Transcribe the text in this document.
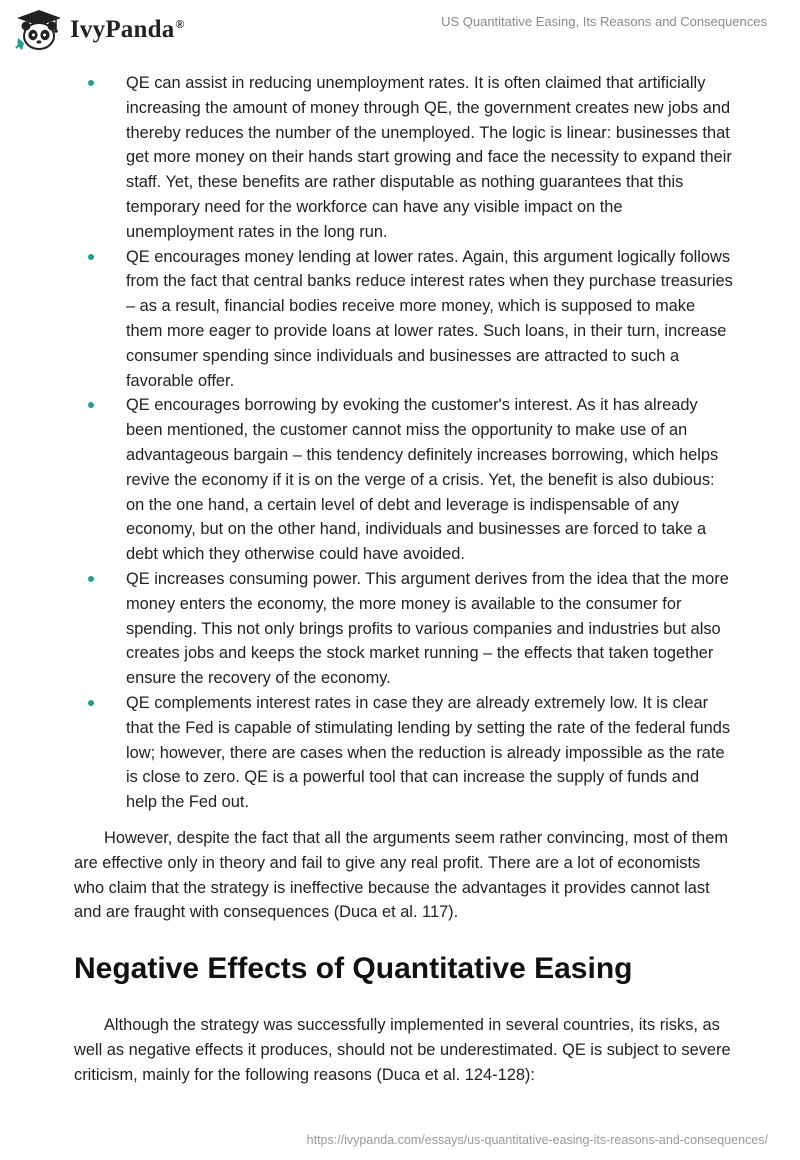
IvyPanda®	US Quantitative Easing, Its Reasons and Consequences
QE can assist in reducing unemployment rates. It is often claimed that artificially increasing the amount of money through QE, the government creates new jobs and thereby reduces the number of the unemployed. The logic is linear: businesses that get more money on their hands start growing and face the necessity to expand their staff. Yet, these benefits are rather disputable as nothing guarantees that this temporary need for the workforce can have any visible impact on the unemployment rates in the long run.
QE encourages money lending at lower rates. Again, this argument logically follows from the fact that central banks reduce interest rates when they purchase treasuries – as a result, financial bodies receive more money, which is supposed to make them more eager to provide loans at lower rates. Such loans, in their turn, increase consumer spending since individuals and businesses are attracted to such a favorable offer.
QE encourages borrowing by evoking the customer's interest. As it has already been mentioned, the customer cannot miss the opportunity to make use of an advantageous bargain – this tendency definitely increases borrowing, which helps revive the economy if it is on the verge of a crisis. Yet, the benefit is also dubious: on the one hand, a certain level of debt and leverage is indispensable of any economy, but on the other hand, individuals and businesses are forced to take a debt which they otherwise could have avoided.
QE increases consuming power. This argument derives from the idea that the more money enters the economy, the more money is available to the consumer for spending. This not only brings profits to various companies and industries but also creates jobs and keeps the stock market running – the effects that taken together ensure the recovery of the economy.
QE complements interest rates in case they are already extremely low. It is clear that the Fed is capable of stimulating lending by setting the rate of the federal funds low; however, there are cases when the reduction is already impossible as the rate is close to zero. QE is a powerful tool that can increase the supply of funds and help the Fed out.

However, despite the fact that all the arguments seem rather convincing, most of them are effective only in theory and fail to give any real profit. There are a lot of economists who claim that the strategy is ineffective because the advantages it provides cannot last and are fraught with consequences (Duca et al. 117).

Negative Effects of Quantitative Easing

Although the strategy was successfully implemented in several countries, its risks, as well as negative effects it produces, should not be underestimated. QE is subject to severe criticism, mainly for the following reasons (Duca et al. 124-128):

https://ivypanda.com/essays/us-quantitative-easing-its-reasons-and-consequences/
